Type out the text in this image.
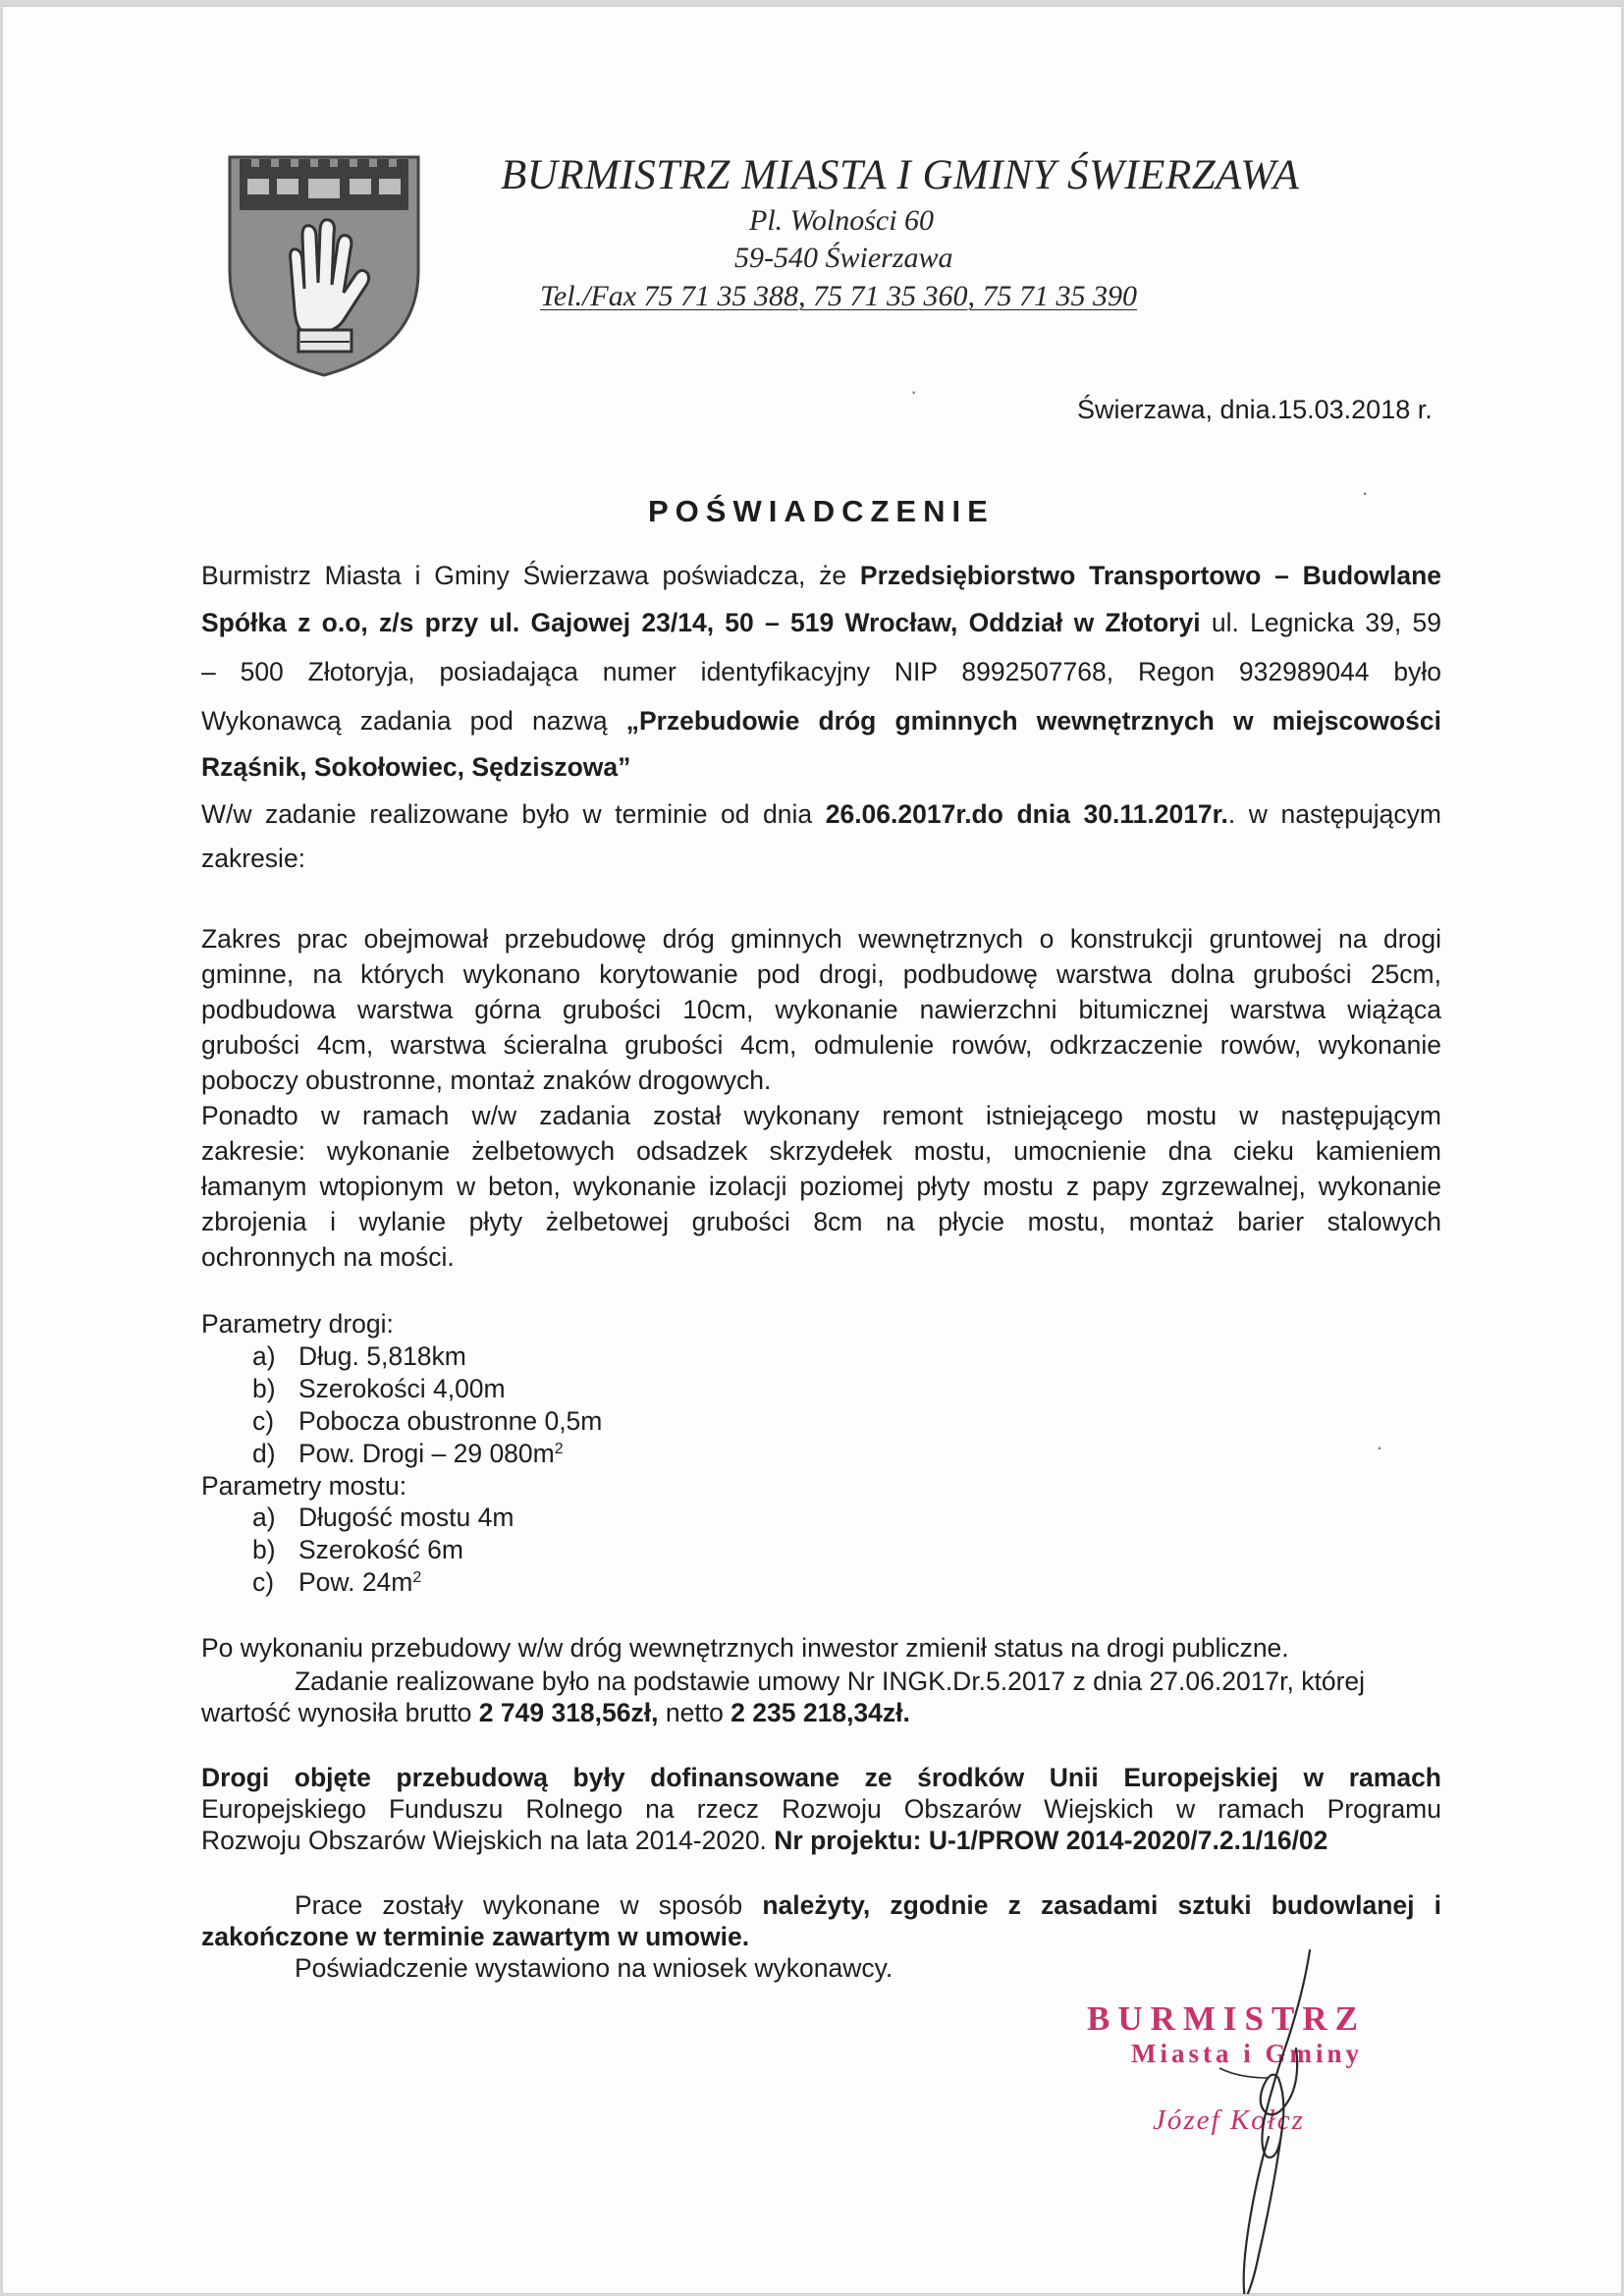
BURMISTRZ MIASTA I GMINY ŚWIERZAWA
Pl. Wolności 60
59-540 Świerzawa
Tel./Fax 75 71 35 388, 75 71 35 360, 75 71 35 390
Świerzawa, dnia.15.03.2018 r.
POŚWIADCZENIE
Burmistrz Miasta i Gminy Świerzawa poświadcza, że Przedsiębiorstwo Transportowo – Budowlane
Spółka z o.o, z/s przy ul. Gajowej 23/14, 50 – 519 Wrocław, Oddział w Złotoryi ul. Legnicka 39, 59
– 500 Złotoryja, posiadająca numer identyfikacyjny NIP 8992507768, Regon 932989044 było
Wykonawcą zadania pod nazwą „Przebudowie dróg gminnych wewnętrznych w miejscowości
Rząśnik, Sokołowiec, Sędziszowa”
W/w zadanie realizowane było w terminie od dnia 26.06.2017r.do dnia 30.11.2017r.. w następującym
zakresie:
Zakres prac obejmował przebudowę dróg gminnych wewnętrznych o konstrukcji gruntowej na drogi
gminne, na których wykonano korytowanie pod drogi, podbudowę warstwa dolna grubości 25cm,
podbudowa warstwa górna grubości 10cm, wykonanie nawierzchni bitumicznej warstwa wiążąca
grubości 4cm, warstwa ścieralna grubości 4cm, odmulenie rowów, odkrzaczenie rowów, wykonanie
poboczy obustronne, montaż znaków drogowych.
Ponadto w ramach w/w zadania został wykonany remont istniejącego mostu w następującym
zakresie: wykonanie żelbetowych odsadzek skrzydełek mostu, umocnienie dna cieku kamieniem
łamanym wtopionym w beton, wykonanie izolacji poziomej płyty mostu z papy zgrzewalnej, wykonanie
zbrojenia i wylanie płyty żelbetowej grubości 8cm na płycie mostu, montaż barier stalowych
ochronnych na mości.
Parametry drogi:
a) Dług. 5,818km
b) Szerokości 4,00m
c) Pobocza obustronne 0,5m
d) Pow. Drogi – 29 $080m^2$
Parametry mostu:
a) Długość mostu 4m
b) Szerokość 6m
c) Pow. $24m^2$
Po wykonaniu przebudowy w/w dróg wewnętrznych inwestor zmienił status na drogi publiczne.
Zadanie realizowane było na podstawie umowy Nr INGK.Dr.5.2017 z dnia 27.06.2017r, której
wartość wynosiła brutto 2 749 318,56zł, netto 2 235 218,34zł.
Drogi objęte przebudową były dofinansowane ze środków Unii Europejskiej w ramach
Europejskiego Funduszu Rolnego na rzecz Rozwoju Obszarów Wiejskich w ramach Programu
Rozwoju Obszarów Wiejskich na lata 2014-2020. Nr projektu: U-1/PROW 2014-2020/7.2.1/16/02
Prace zostały wykonane w sposób należyty, zgodnie z zasadami sztuki budowlanej i
zakończone w terminie zawartym w umowie.
Poświadczenie wystawiono na wniosek wykonawcy.
BURMISTRZ
Miasta i Gminy
Józef Kołcz
.
·
.
